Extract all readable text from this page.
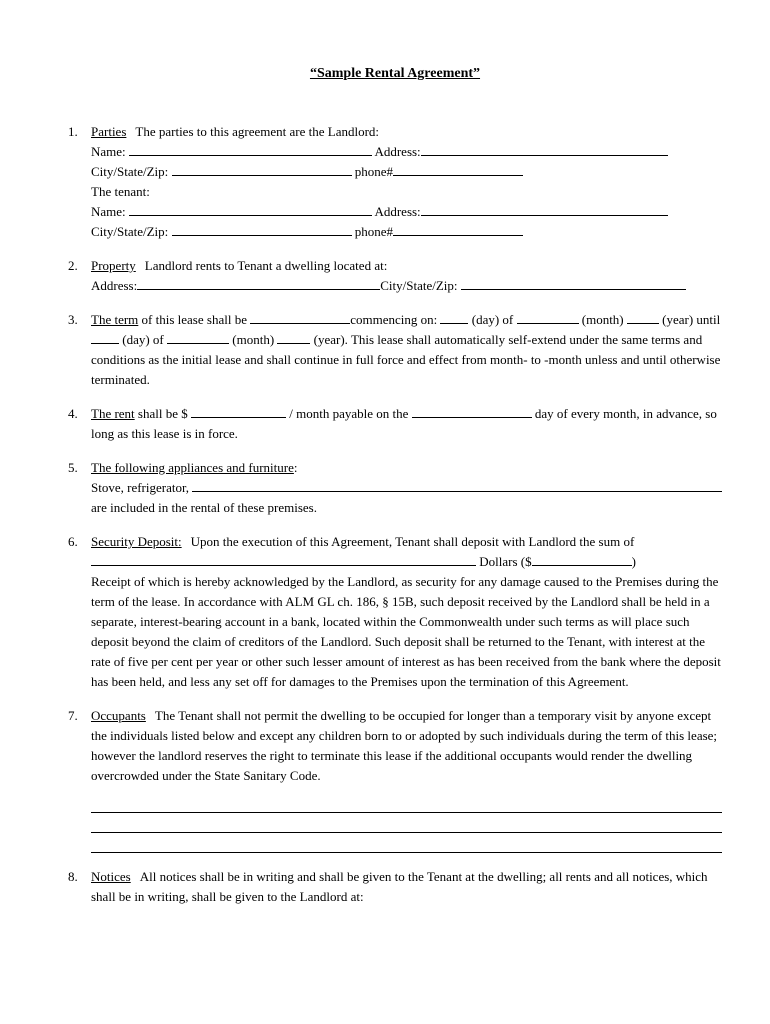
“Sample Rental Agreement”
1.	Parties The parties to this agreement are the Landlord:
Name:	Address:
City/State/Zip:	phone#
The tenant:
Name:	Address:
City/State/Zip:	phone#
2.	Property Landlord rents to Tenant a dwelling located at:
Address:	City/State/Zip:
3.	The term of this lease shall be	commencing on:	(day) of	(month)	(year) until  (day) of	(month)	(year). This lease shall automatically self-extend under the same terms and conditions as the initial lease and shall continue in full force and effect from month- to -month unless and until otherwise terminated.
4.	The rent shall be $	/ month payable on the	day of every month, in advance, so long as this lease is in force.
5.	The following appliances and furniture:
Stove, refrigerator,

are included in the rental of these premises.
6.	Security Deposit: Upon the execution of this Agreement, Tenant shall deposit with Landlord the sum of
Dollars ($	)
Receipt of which is hereby acknowledged by the Landlord, as security for any damage caused to the Premises during the term of the lease. In accordance with ALM GL ch. 186, § 15B, such deposit received by the Landlord shall be held in a separate, interest-bearing account in a bank, located within the Commonwealth under such terms as will place such deposit beyond the claim of creditors of the Landlord. Such deposit shall be returned to the Tenant, with interest at the rate of five per cent per year or other such lesser amount of interest as has been received from the bank where the deposit has been held, and less any set off for damages to the Premises upon the termination of this Agreement.
7.	Occupants The Tenant shall not permit the dwelling to be occupied for longer than a temporary visit by anyone except the individuals listed below and except any children born to or adopted by such individuals during the term of this lease; however the landlord reserves the right to terminate this lease if the additional occupants would render the dwelling overcrowded under the State Sanitary Code.
8.	Notices All notices shall be in writing and shall be given to the Tenant at the dwelling; all rents and all notices, which shall be in writing, shall be given to the Landlord at:
